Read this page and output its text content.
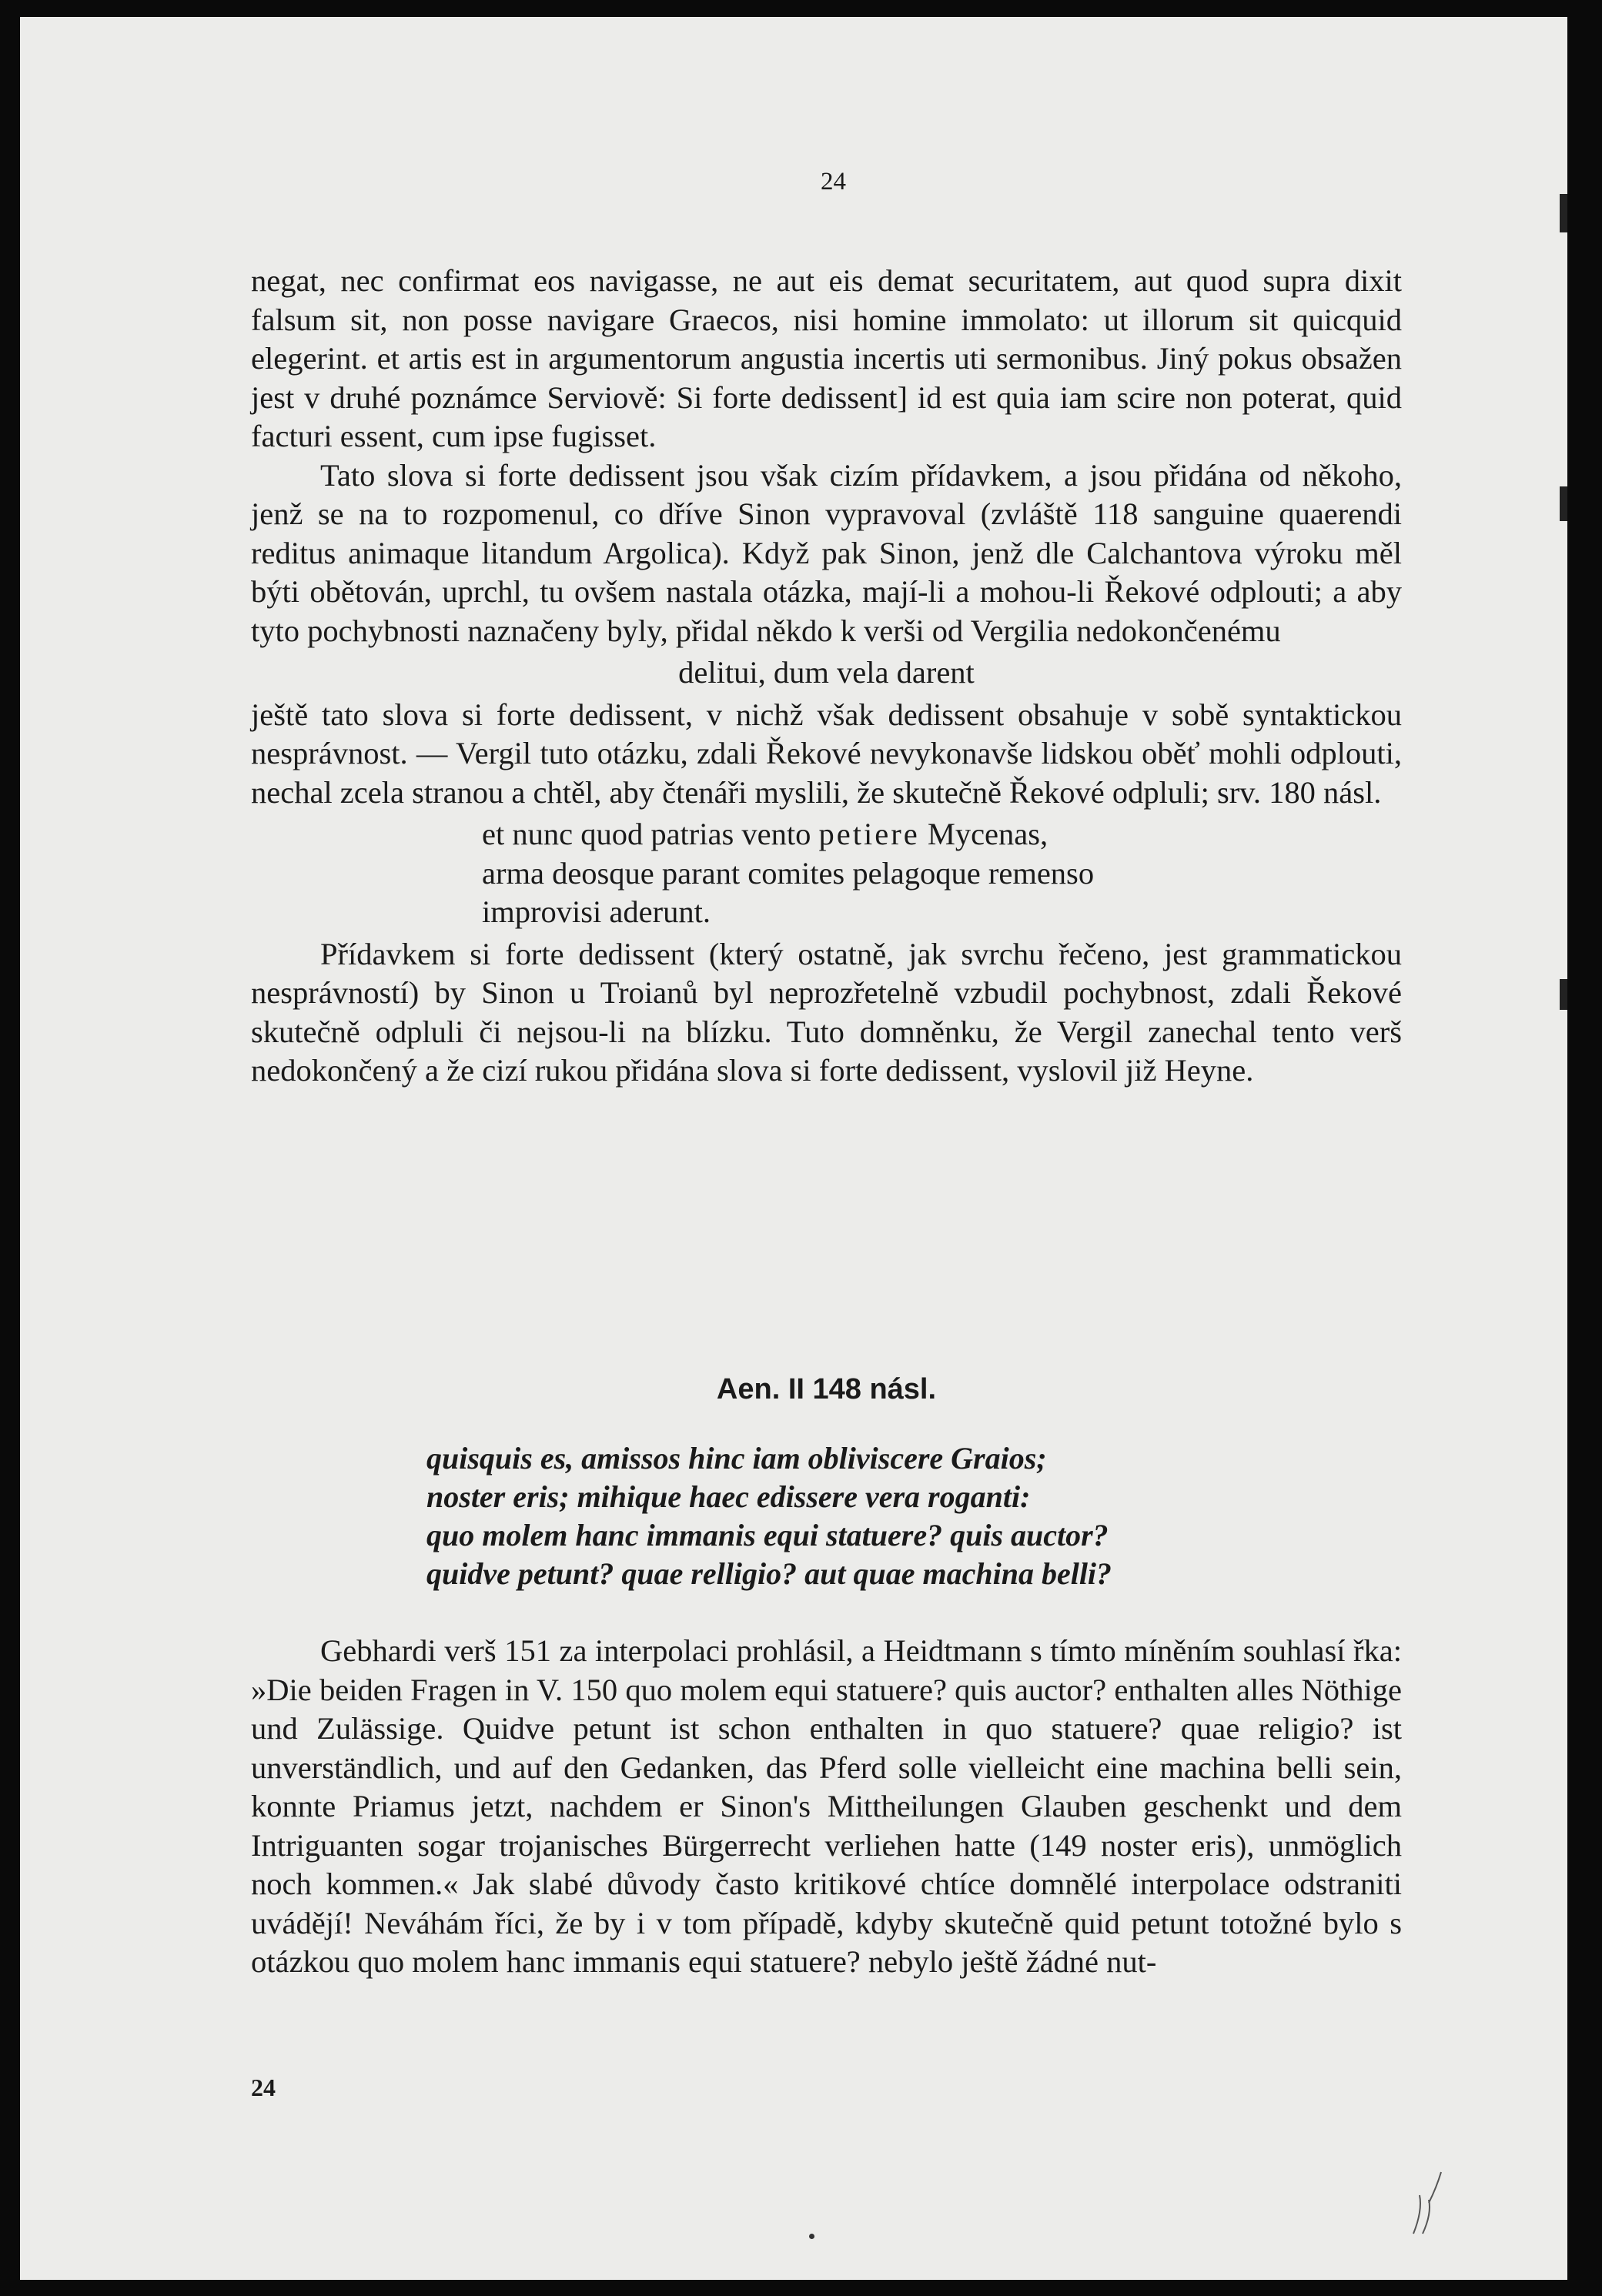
24

negat, nec confirmat eos navigasse, ne aut eis demat securitatem, aut quod supra dixit falsum sit, non posse navigare Graecos, nisi homine immolato: ut illorum sit quicquid elegerint. et artis est in argumentorum angustia incertis uti sermonibus. Jiný pokus obsažen jest v druhé poznámce Serviově: Si forte dedissent] id est quia iam scire non poterat, quid facturi essent, cum ipse fugisset.

Tato slova si forte dedissent jsou však cizím přídavkem, a jsou přidána od někoho, jenž se na to rozpomenul, co dříve Sinon vypravoval (zvláště 118 sanguine quaerendi reditus animaque litandum Argolica). Když pak Sinon, jenž dle Calchantova výroku měl býti obětován, uprchl, tu ovšem nastala otázka, mají-li a mohou-li Řekové odplouti; a aby tyto pochybnosti naznačeny byly, přidal někdo k verši od Vergilia nedokončenému

delitui, dum vela darent

ještě tato slova si forte dedissent, v nichž však dedissent obsahuje v sobě syntaktickou nesprávnost. — Vergil tuto otázku, zdali Řekové nevykonavše lidskou oběť mohli odplouti, nechal zcela stranou a chtěl, aby čtenáři myslili, že skutečně Řekové odpluli; srv. 180 násl.

et nunc quod patrias vento petiere Mycenas,
arma deosque parant comites pelagoque remenso
improvisi aderunt.

Přídavkem si forte dedissent (který ostatně, jak svrchu řečeno, jest grammatickou nesprávností) by Sinon u Troianů byl neprozřetelně vzbudil pochybnost, zdali Řekové skutečně odpluli či nejsou-li na blízku. Tuto domněnku, že Vergil zanechal tento verš nedokončený a že cizí rukou přidána slova si forte dedissent, vyslovil již Heyne.

Aen. II 148 násl.
quisquis es, amissos hinc iam obliviscere Graios;
noster eris; mihique haec edissere vera roganti:
quo molem hanc immanis equi statuere? quis auctor?
quidve petunt? quae relligio? aut quae machina belli?

Gebhardi verš 151 za interpolaci prohlásil, a Heidtmann s tímto míněním souhlasí řka: »Die beiden Fragen in V. 150 quo molem equi statuere? quis auctor? enthalten alles Nöthige und Zulässige. Quidve petunt ist schon enthalten in quo statuere? quae religio? ist unverständlich, und auf den Gedanken, das Pferd solle vielleicht eine machina belli sein, konnte Priamus jetzt, nachdem er Sinon's Mittheilungen Glauben geschenkt und dem Intriguanten sogar trojanisches Bürgerrecht verliehen hatte (149 noster eris), unmöglich noch kommen.« Jak slabé důvody často kritikové chtíce domnělé interpolace odstraniti uvádějí! Neváhám říci, že by i v tom případě, kdyby skutečně quid petunt totožné bylo s otázkou quo molem hanc immanis equi statuere? nebylo ještě žádné nut-

24
